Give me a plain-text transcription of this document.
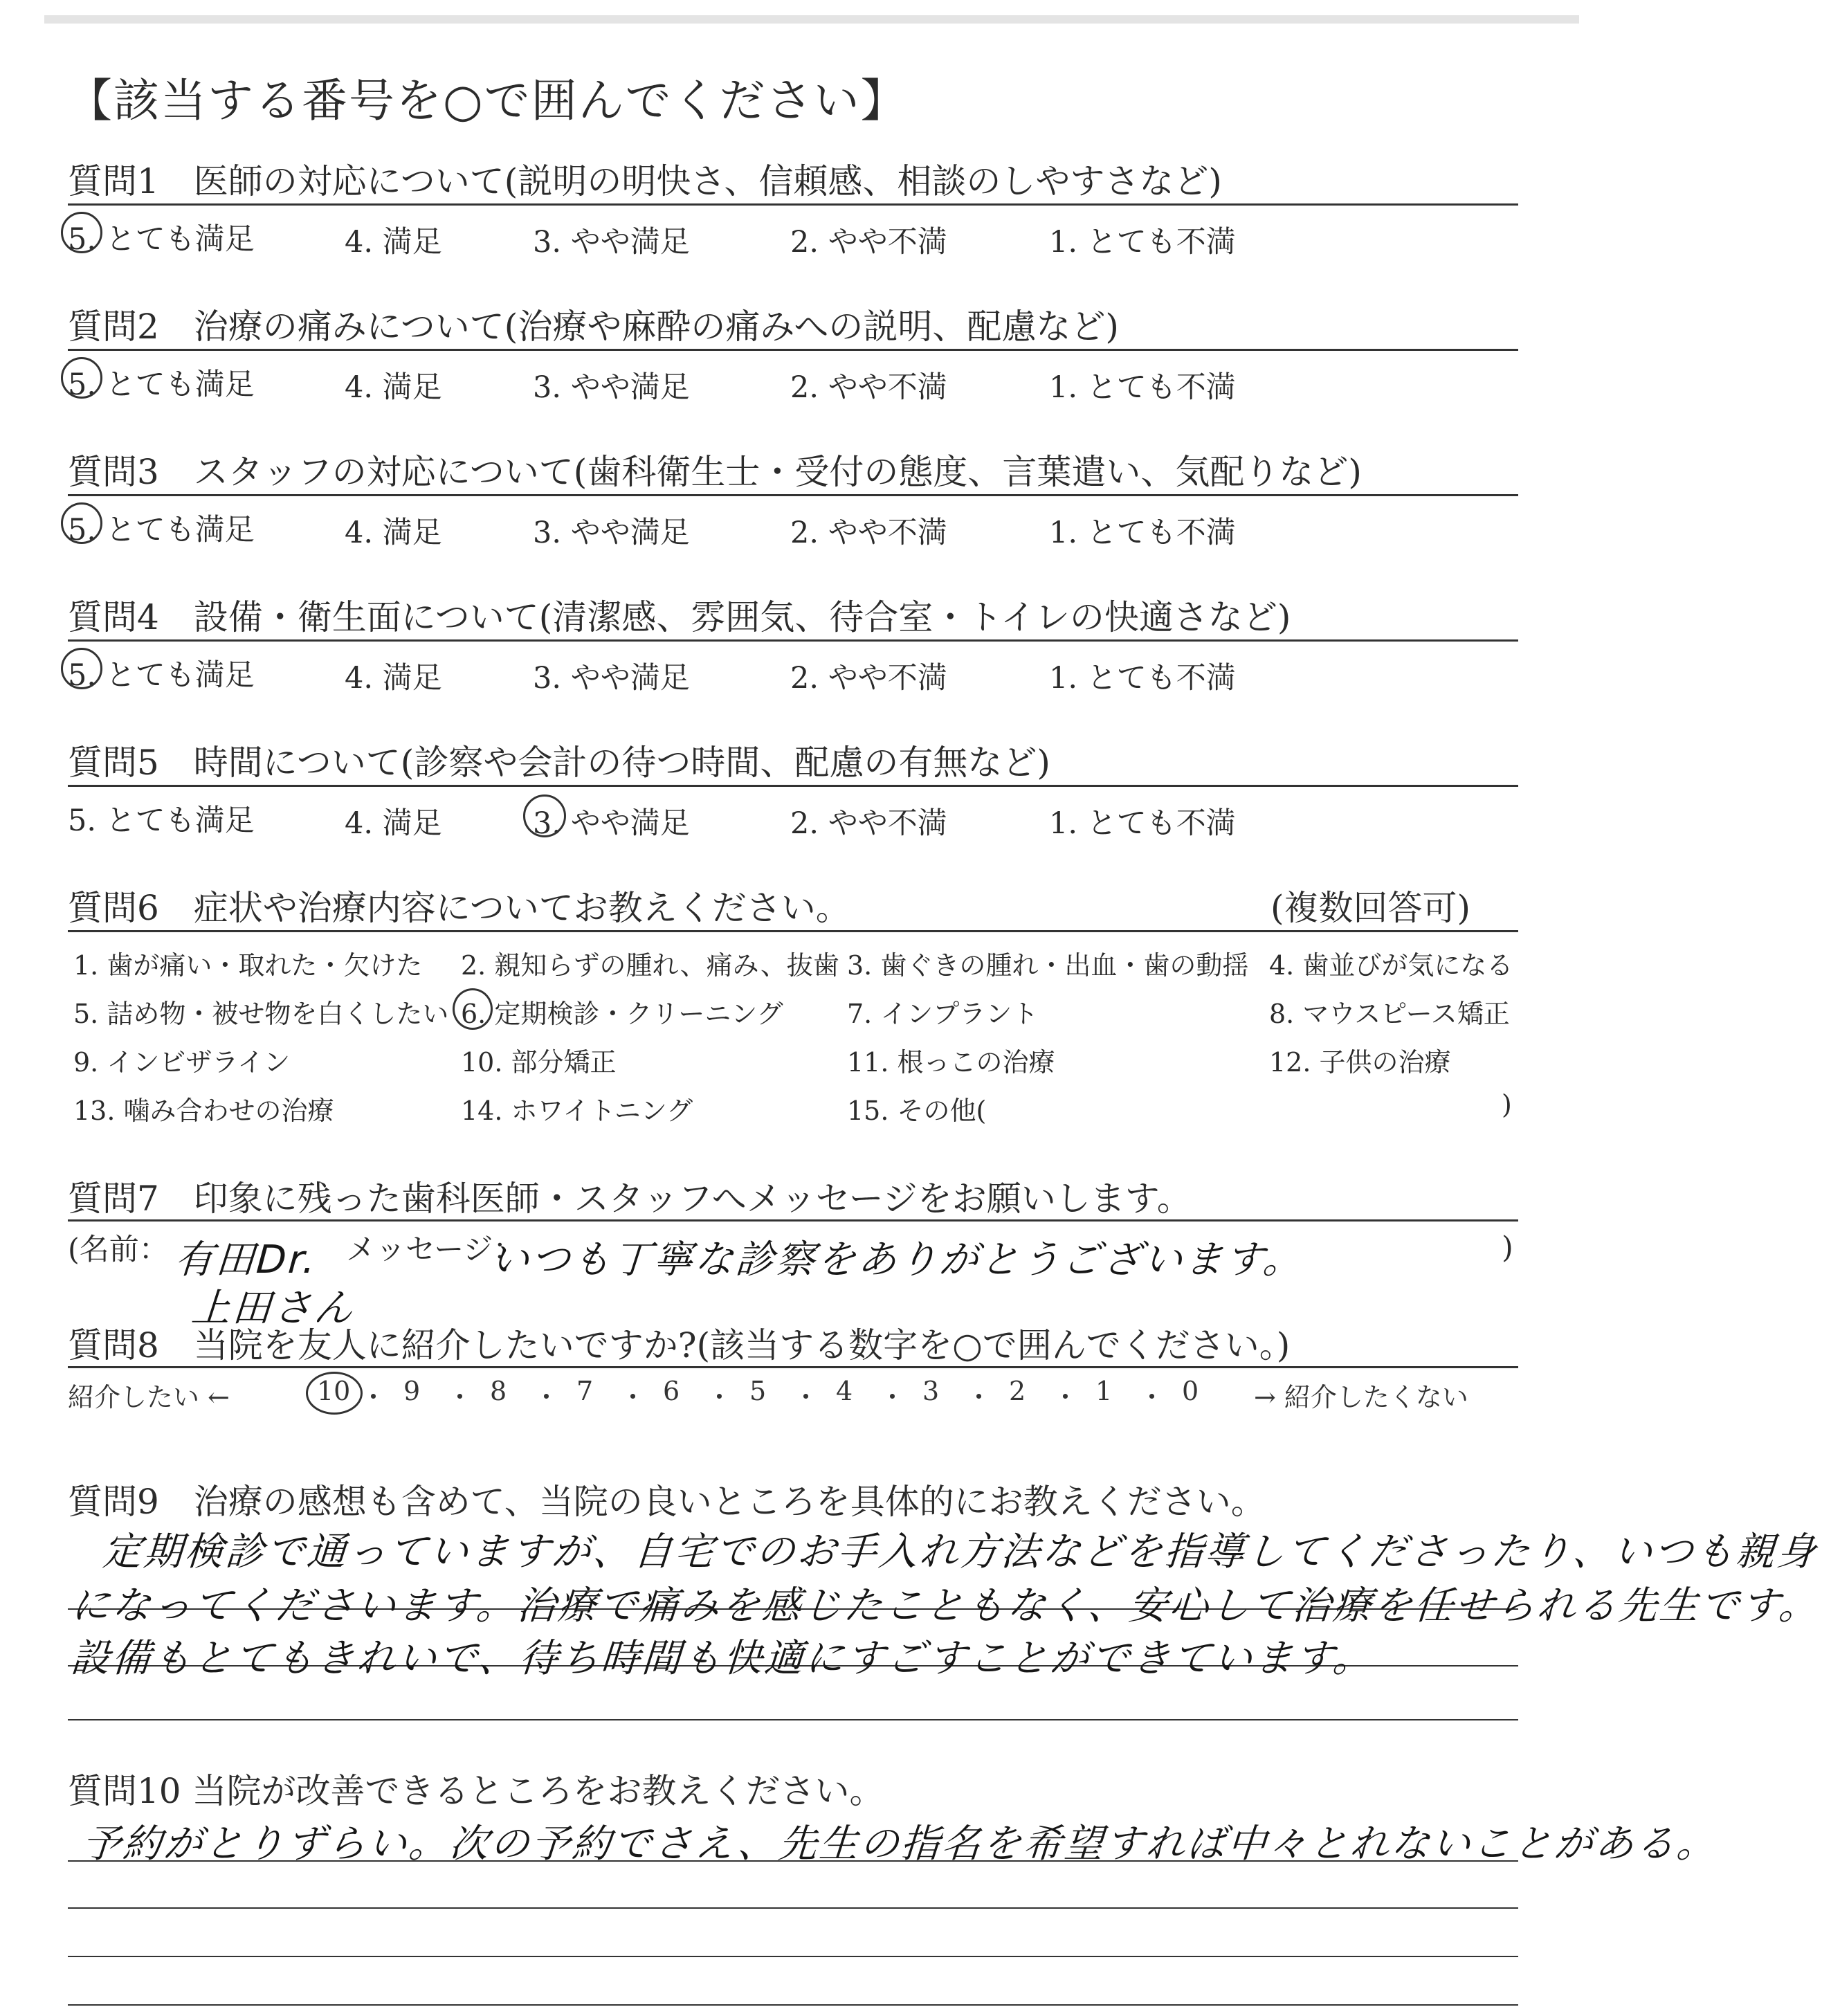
【該当する番号を○で囲んでください】
質問1　医師の対応について(説明の明快さ、信頼感、相談のしやすさなど)
5. とても満足	4. 満足	3. やや満足	2. やや不満	1. とても不満
質問2　治療の痛みについて(治療や麻酔の痛みへの説明、配慮など)
5. とても満足	4. 満足	3. やや満足	2. やや不満	1. とても不満
質問3　スタッフの対応について(歯科衛生士・受付の態度、言葉遣い、気配りなど)
5. とても満足	4. 満足	3. やや満足	2. やや不満	1. とても不満
質問4　設備・衛生面について(清潔感、雰囲気、待合室・トイレの快適さなど)
5. とても満足	4. 満足	3. やや満足	2. やや不満	1. とても不満
質問5　時間について(診察や会計の待つ時間、配慮の有無など)
5. とても満足	4. 満足	3. やや満足	2. やや不満	1. とても不満
質問6　症状や治療内容についてお教えください。	(複数回答可)
1. 歯が痛い・取れた・欠けた 2. 親知らずの腫れ、痛み、抜歯 3. 歯ぐきの腫れ・出血・歯の動揺 4. 歯並びが気になる
5. 詰め物・被せ物を白くしたい 6. 定期検診・クリーニング 7. インプラント	8. マウスピース矯正
9. インビザライン	10. 部分矯正	11. 根っこの治療	12. 子供の治療
13. 噛み合わせの治療	14. ホワイトニング	15. その他(	)
質問7　印象に残った歯科医師・スタッフへメッセージをお願いします。
(名前：	メッセージ：	)
有田Dr.
上田さん
いつも丁寧な診察をありがとうございます。
質問8　当院を友人に紹介したいですか?(該当する数字を○で囲んでください。)
紹介したい ←	→ 紹介したくない
10 ・ 9 ・ 8 ・ 7 ・ 6 ・ 5 ・ 4 ・ 3 ・ 2 ・ 1 ・ 0
質問9　治療の感想も含めて、当院の良いところを具体的にお教えください。
定期検診で通っていますが、自宅でのお手入れ方法などを指導してくださったり、いつも親身
になってくださいます。治療で痛みを感じたこともなく、安心して治療を任せられる先生です。
設備もとてもきれいで、待ち時間も快適にすごすことができています。
質問10 当院が改善できるところをお教えください。
予約がとりずらい。次の予約でさえ、先生の指名を希望すれば中々とれないことがある。
